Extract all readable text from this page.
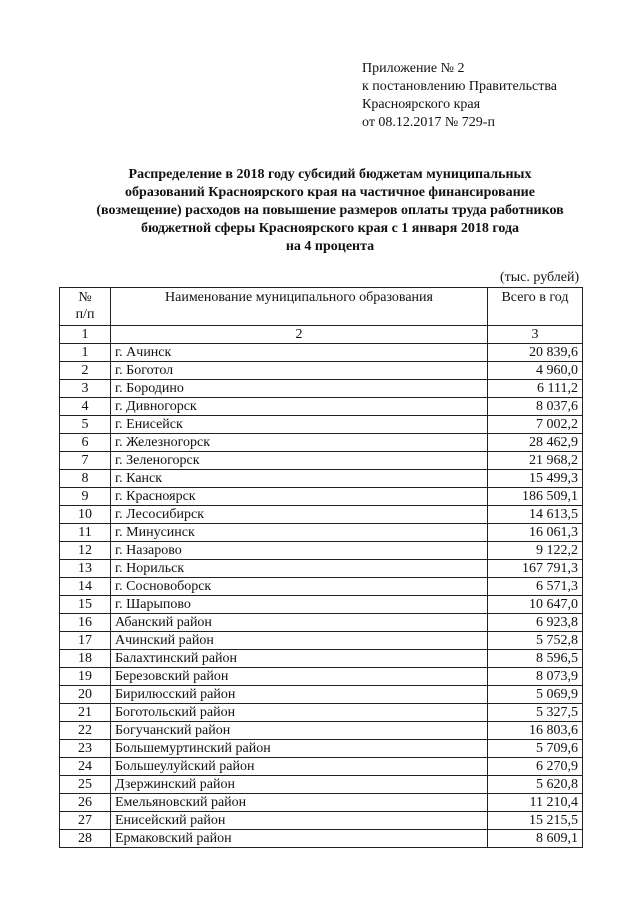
Приложение № 2
к постановлению Правительства
Красноярского края
от 08.12.2017 № 729-п
Распределение в 2018 году субсидий бюджетам муниципальных
образований Красноярского края на частичное финансирование
(возмещение) расходов на повышение размеров оплаты труда работников
бюджетной сферы Красноярского края с 1 января 2018 года
на 4 процента
(тыс. рублей)
№
п/п	Наименование муниципального образования	Всего в год
1	2	3
1	г. Ачинск	20 839,6
2	г. Боготол	4 960,0
3	г. Бородино	6 111,2
4	г. Дивногорск	8 037,6
5	г. Енисейск	7 002,2
6	г. Железногорск	28 462,9
7	г. Зеленогорск	21 968,2
8	г. Канск	15 499,3
9	г. Красноярск	186 509,1
10	г. Лесосибирск	14 613,5
11	г. Минусинск	16 061,3
12	г. Назарово	9 122,2
13	г. Норильск	167 791,3
14	г. Сосновоборск	6 571,3
15	г. Шарыпово	10 647,0
16	Абанский район	6 923,8
17	Ачинский район	5 752,8
18	Балахтинский район	8 596,5
19	Березовский район	8 073,9
20	Бирилюсский район	5 069,9
21	Боготольский район	5 327,5
22	Богучанский район	16 803,6
23	Большемуртинский район	5 709,6
24	Большеулуйский район	6 270,9
25	Дзержинский район	5 620,8
26	Емельяновский район	11 210,4
27	Енисейский район	15 215,5
28	Ермаковский район	8 609,1
